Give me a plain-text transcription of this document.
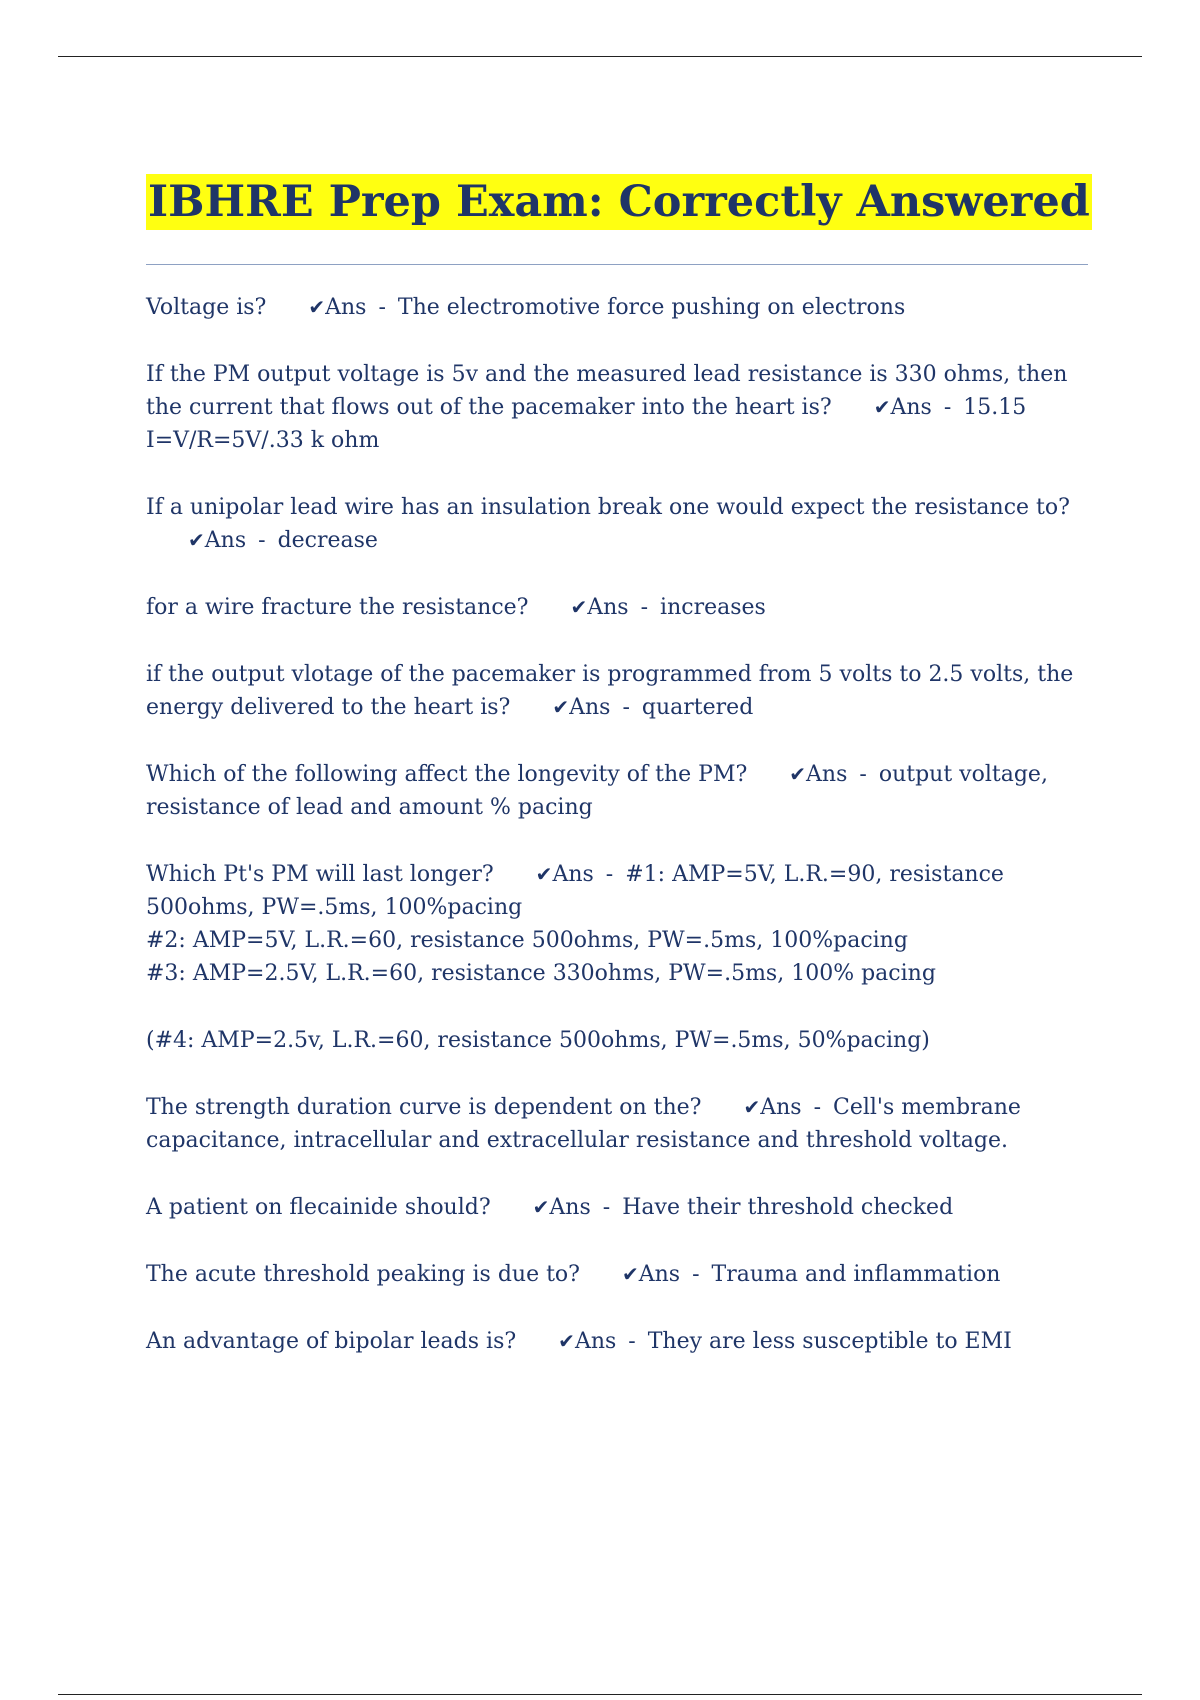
IBHRE Prep Exam: Correctly Answered
Voltage is? ✔Ans - The electromotive force pushing on electrons
If the PM output voltage is 5v and the measured lead resistance is 330 ohms, then the current that flows out of the pacemaker into the heart is? ✔Ans - 15.15
I=V/R=5V/.33 k ohm
If a unipolar lead wire has an insulation break one would expect the resistance to?✔Ans - decrease
for a wire fracture the resistance? ✔Ans - increases
if the output vlotage of the pacemaker is programmed from 5 volts to 2.5 volts, the energy delivered to the heart is? ✔Ans - quartered
Which of the following affect the longevity of the PM? ✔Ans - output voltage, resistance of lead and amount % pacing
Which Pt's PM will last longer? ✔Ans - #1: AMP=5V, L.R.=90, resistance 500ohms, PW=.5ms, 100%pacing
#2: AMP=5V, L.R.=60, resistance 500ohms, PW=.5ms, 100%pacing
#3: AMP=2.5V, L.R.=60, resistance 330ohms, PW=.5ms, 100% pacing
(#4: AMP=2.5v, L.R.=60, resistance 500ohms, PW=.5ms, 50%pacing)
The strength duration curve is dependent on the? ✔Ans - Cell's membrane capacitance, intracellular and extracellular resistance and threshold voltage.
A patient on flecainide should? ✔Ans - Have their threshold checked
The acute threshold peaking is due to? ✔Ans - Trauma and inflammation
An advantage of bipolar leads is? ✔Ans - They are less susceptible to EMI
